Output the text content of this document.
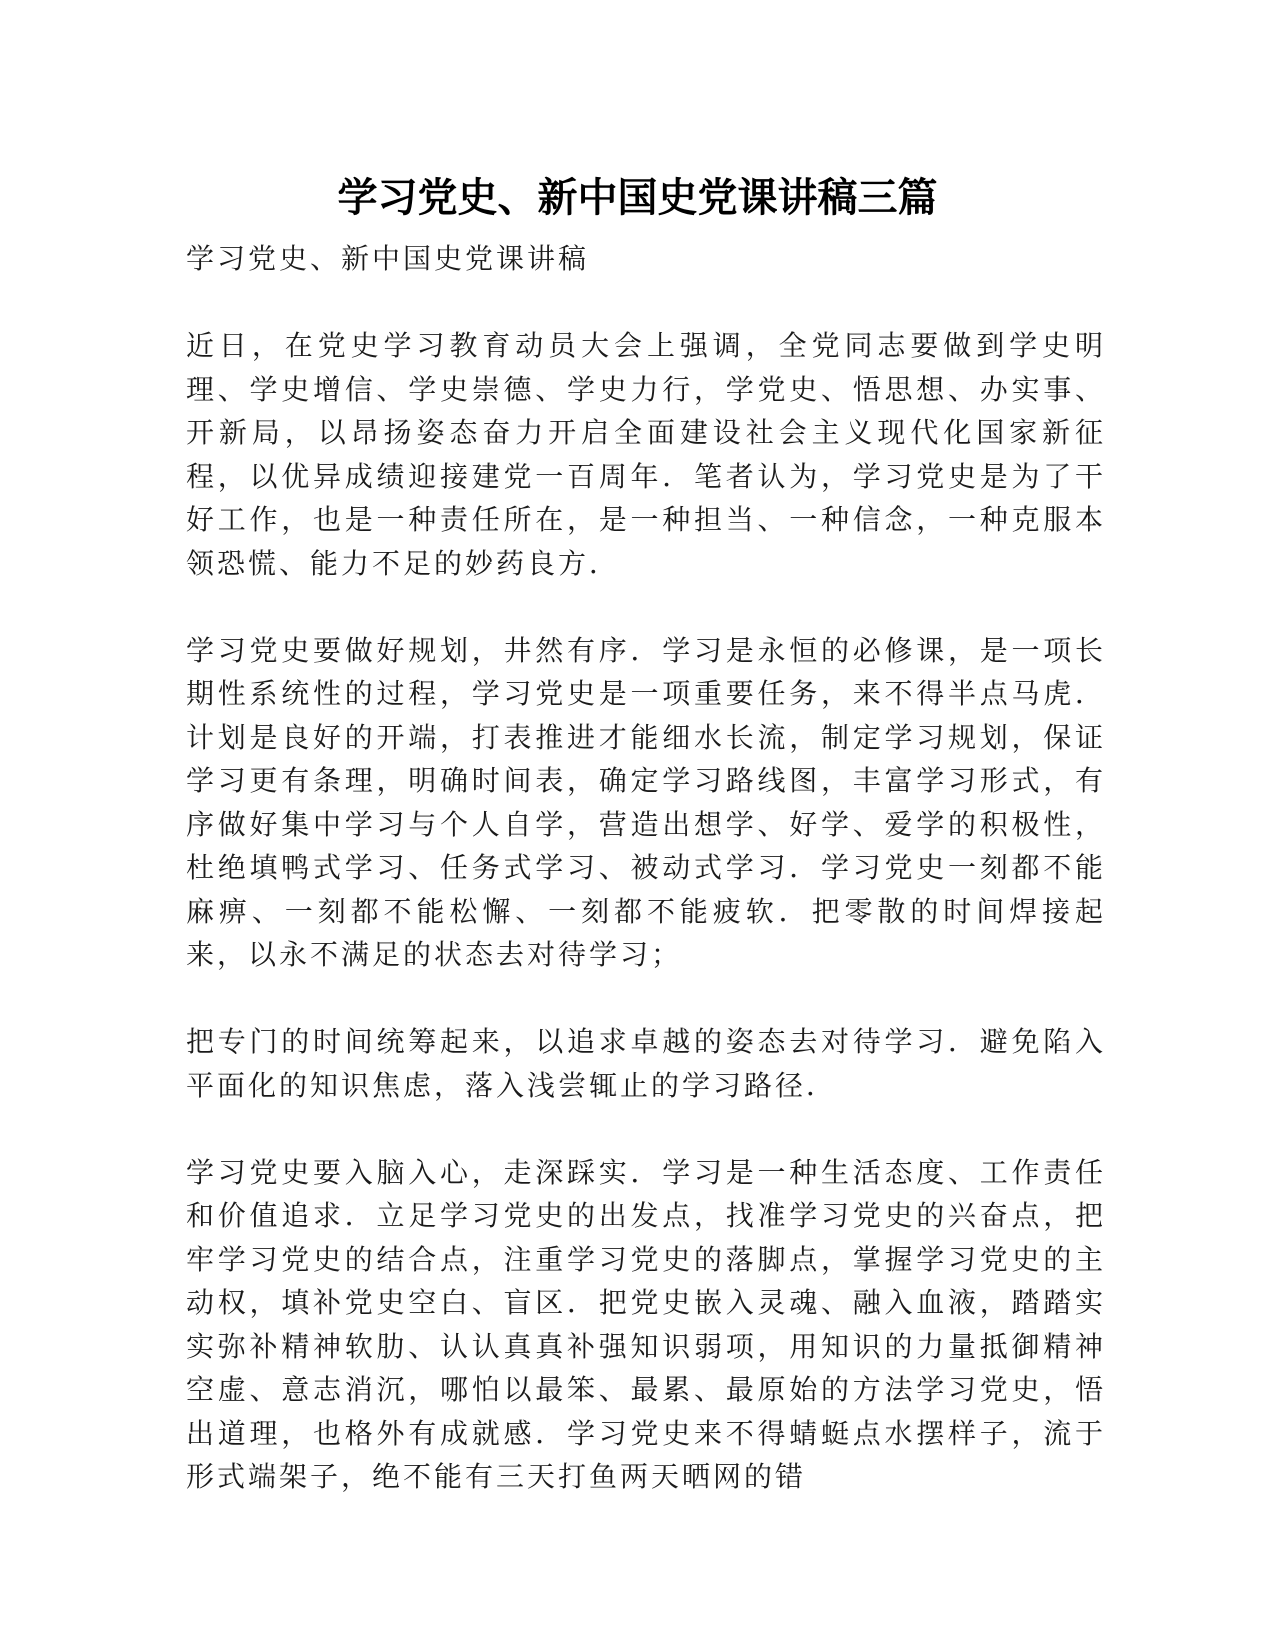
学习党史、新中国史党课讲稿三篇

学习党史、新中国史党课讲稿

近日，在党史学习教育动员大会上强调，全党同志要做到学史明理、学史增信、学史崇德、学史力行，学党史、悟思想、办实事、开新局，以昂扬姿态奋力开启全面建设社会主义现代化国家新征程，以优异成绩迎接建党一百周年．笔者认为，学习党史是为了干好工作，也是一种责任所在，是一种担当、一种信念，一种克服本领恐慌、能力不足的妙药良方．

学习党史要做好规划，井然有序．学习是永恒的必修课，是一项长期性系统性的过程，学习党史是一项重要任务，来不得半点马虎．计划是良好的开端，打表推进才能细水长流，制定学习规划，保证学习更有条理，明确时间表，确定学习路线图，丰富学习形式，有序做好集中学习与个人自学，营造出想学、好学、爱学的积极性，杜绝填鸭式学习、任务式学习、被动式学习．学习党史一刻都不能麻痹、一刻都不能松懈、一刻都不能疲软．把零散的时间焊接起来，以永不满足的状态去对待学习；

把专门的时间统筹起来，以追求卓越的姿态去对待学习．避免陷入平面化的知识焦虑，落入浅尝辄止的学习路径．

学习党史要入脑入心，走深踩实．学习是一种生活态度、工作责任和价值追求．立足学习党史的出发点，找准学习党史的兴奋点，把牢学习党史的结合点，注重学习党史的落脚点，掌握学习党史的主动权，填补党史空白、盲区．把党史嵌入灵魂、融入血液，踏踏实实弥补精神软肋、认认真真补强知识弱项，用知识的力量抵御精神空虚、意志消沉，哪怕以最笨、最累、最原始的方法学习党史，悟出道理，也格外有成就感．学习党史来不得蜻蜓点水摆样子，流于形式端架子，绝不能有三天打鱼两天晒网的错
